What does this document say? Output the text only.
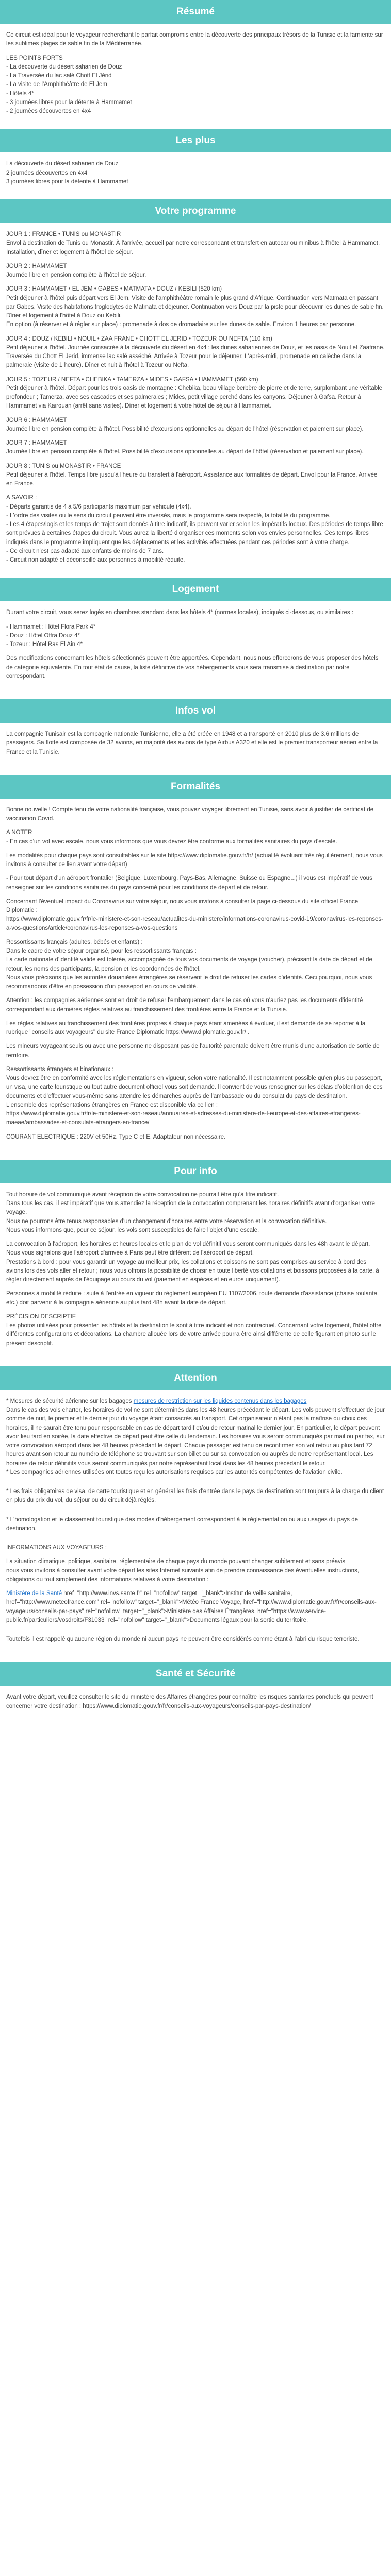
Résumé

Ce circuit est idéal pour le voyageur recherchant le parfait compromis entre la découverte des principaux trésors de la Tunisie et la farniente sur les sublimes plages de sable fin de la Méditerranée.

LES POINTS FORTS

- La découverte du désert saharien de Douz
- La Traversée du lac salé Chott El Jérid
- La visite de l'Amphithéâtre de El Jem
- Hôtels 4*
- 3 journées libres pour la détente à Hammamet
- 2 journées découvertes en 4x4
Les plus
La découverte du désert saharien de Douz
2 journées découvertes en 4x4
3 journées libres pour la détente à Hammamet
Votre programme

JOUR 1 : FRANCE • TUNIS ou MONASTIR

Envol à destination de Tunis ou Monastir. À l'arrivée, accueil par notre correspondant et transfert en autocar ou minibus à l'hôtel à Hammamet. Installation, dîner et logement à l'hôtel de séjour.

JOUR 2 : HAMMAMET

Journée libre en pension complète à l'hôtel de séjour.

JOUR 3 : HAMMAMET • EL JEM • GABES • MATMATA • DOUZ / KEBILI (520 km)

Petit déjeuner à l'hôtel puis départ vers El Jem. Visite de l'amphithéâtre romain le plus grand d'Afrique. Continuation vers Matmata en passant par Gabes. Visite des habitations troglodytes de Matmata et déjeuner. Continuation vers Douz par la piste pour découvrir les dunes de sable fin. Dîner et logement à l'hôtel à Douz ou Kebili.
En option (à réserver et à régler sur place) : promenade à dos de dromadaire sur les dunes de sable. Environ 1 heures par personne.

JOUR 4 : DOUZ / KEBILI • NOUIL • ZAA FRANE • CHOTT EL JERID • TOZEUR OU NEFTA (110 km)

Petit déjeuner à l'hôtel. Journée consacrée à la découverte du désert en 4x4 : les dunes sahariennes de Douz, et les oasis de Nouil et Zaafrane. Traversée du Chott El Jerid, immense lac salé asséché. Arrivée à Tozeur pour le déjeuner. L'après-midi, promenade en calèche dans la palmeraie (visite de 1 heure). Dîner et nuit à l'hôtel à Tozeur ou Nefta.

JOUR 5 : TOZEUR / NEFTA • CHEBIKA • TAMERZA • MIDES • GAFSA • HAMMAMET (560 km)

Petit déjeuner à l'hôtel. Départ pour les trois oasis de montagne : Chebika, beau village berbère de pierre et de terre, surplombant une véritable profondeur ; Tamerza, avec ses cascades et ses palmeraies ; Mides, petit village perché dans les canyons. Déjeuner à Gafsa. Retour à Hammamet via Kairouan (arrêt sans visites). Dîner et logement à votre hôtel de séjour à Hammamet.

JOUR 6 : HAMMAMET

Journée libre en pension complète à l'hôtel. Possibilité d'excursions optionnelles au départ de l'hôtel (réservation et paiement sur place).

JOUR 7 : HAMMAMET

Journée libre en pension complète à l'hôtel. Possibilité d'excursions optionnelles au départ de l'hôtel (réservation et paiement sur place).

JOUR 8 : TUNIS ou MONASTIR • FRANCE

Petit déjeuner à l'hôtel. Temps libre jusqu'à l'heure du transfert à l'aéroport. Assistance aux formalités de départ. Envol pour la France. Arrivée en France.

A SAVOIR :

- Départs garantis de 4 à 5/6 participants maximum par véhicule (4x4).
- L'ordre des visites ou le sens du circuit peuvent être inversés, mais le programme sera respecté, la totalité du programme.
- Les 4 étapes/logis et les temps de trajet sont donnés à titre indicatif, ils peuvent varier selon les impératifs locaux. Des périodes de temps libre sont prévues à certaines étapes du circuit. Vous aurez la liberté d'organiser ces moments selon vos envies personnelles. Ces temps libres indiqués dans le programme impliquent que les déplacements et les activités effectuées pendant ces périodes sont à votre charge.
- Ce circuit n'est pas adapté aux enfants de moins de 7 ans.
- Circuit non adapté et déconseillé aux personnes à mobilité réduite.
Logement

Durant votre circuit, vous serez logés en chambres standard dans les hôtels 4* (normes locales), indiqués ci-dessous, ou similaires :

- Hammamet : Hôtel Flora Park 4*
- Douz : Hôtel Offra Douz 4*
- Tozeur : Hôtel Ras El Ain 4*

Des modifications concernant les hôtels sélectionnés peuvent être apportées. Cependant, nous nous efforcerons de vous proposer des hôtels de catégorie équivalente. En tout état de cause, la liste définitive de vos hébergements vous sera transmise à destination par notre correspondant.

Infos vol

La compagnie Tunisair est la compagnie nationale Tunisienne, elle a été créée en 1948 et a transporté en 2010 plus de 3.6 millions de passagers. Sa flotte est composée de 32 avions, en majorité des avions de type Airbus A320 et elle est le premier transporteur aérien entre la France et la Tunisie.

Formalités

Bonne nouvelle ! Compte tenu de votre nationalité française, vous pouvez voyager librement en Tunisie, sans avoir à justifier de certificat de vaccination Covid.

A NOTER

- En cas d'un vol avec escale, nous vous informons que vous devrez être conforme aux formalités sanitaires du pays d'escale.

Les modalités pour chaque pays sont consultables sur le site https://www.diplomatie.gouv.fr/fr/ (actualité évoluant très régulièrement, nous vous invitons à consulter ce lien avant votre départ)

- Pour tout départ d'un aéroport frontalier (Belgique, Luxembourg, Pays-Bas, Allemagne, Suisse ou Espagne...) il vous est impératif de vous renseigner sur les conditions sanitaires du pays concerné pour les conditions de départ et de retour.

Concernant l'éventuel impact du Coronavirus sur votre séjour, nous vous invitons à consulter la page ci-dessous du site officiel France Diplomatie :
https://www.diplomatie.gouv.fr/fr/le-ministere-et-son-reseau/actualites-du-ministere/informations-coronavirus-covid-19/coronavirus-les-reponses-a-vos-questions/article/coronavirus-les-reponses-a-vos-questions

Ressortissants français (adultes, bébés et enfants) :

Dans le cadre de votre séjour organisé, pour les ressortissants français :
La carte nationale d'identité valide est tolérée, accompagnée de tous vos documents de voyage (voucher), précisant la date de départ et de retour, les noms des participants, la pension et les coordonnées de l'hôtel.
Nous vous précisons que les autorités douanières étrangères se réservent le droit de refuser les cartes d'identité. Ceci pourquoi, nous vous recommandons d'être en possession d'un passeport en cours de validité.

Attention : les compagnies aériennes sont en droit de refuser l'embarquement dans le cas où vous n'auriez pas les documents d'identité correspondant aux dernières règles relatives au franchissement des frontières entre la France et la Tunisie.

Les règles relatives au franchissement des frontières propres à chaque pays étant amenées à évoluer, il est demandé de se reporter à la rubrique "conseils aux voyageurs" du site France Diplomatie https://www.diplomatie.gouv.fr/ .

Les mineurs voyageant seuls ou avec une personne ne disposant pas de l'autorité parentale doivent être munis d'une autorisation de sortie de territoire.

Ressortissants étrangers et binationaux :

Vous devrez être en conformité avec les réglementations en vigueur, selon votre nationalité. Il est notamment possible qu'en plus du passeport, un visa, une carte touristique ou tout autre document officiel vous soit demandé. Il convient de vous renseigner sur les délais d'obtention de ces documents et d'effectuer vous-même sans attendre les démarches auprès de l'ambassade ou du consulat du pays de destination.
L'ensemble des représentations étrangères en France est disponible via ce lien :
https://www.diplomatie.gouv.fr/fr/le-ministere-et-son-reseau/annuaires-et-adresses-du-ministere-de-l-europe-et-des-affaires-etrangeres-maeae/ambassades-et-consulats-etrangers-en-france/

COURANT ELECTRIQUE : 220V et 50Hz. Type C et E. Adaptateur non nécessaire.

Pour info

Tout horaire de vol communiqué avant réception de votre convocation ne pourrait être qu'à titre indicatif.
Dans tous les cas, il est impératif que vous attendiez la réception de la convocation comprenant les horaires définitifs avant d'organiser votre voyage.
Nous ne pourrons être tenus responsables d'un changement d'horaires entre votre réservation et la convocation définitive.
Nous vous informons que, pour ce séjour, les vols sont susceptibles de faire l'objet d'une escale.

La convocation à l'aéroport, les horaires et heures locales et le plan de vol définitif vous seront communiqués dans les 48h avant le départ.
Nous vous signalons que l'aéroport d'arrivée à Paris peut être différent de l'aéroport de départ.
Prestations à bord : pour vous garantir un voyage au meilleur prix, les collations et boissons ne sont pas comprises au service à bord des avions lors des vols aller et retour ; nous vous offrons la possibilité de choisir en toute liberté vos collations et boissons proposées à la carte, à régler directement auprès de l'équipage au cours du vol (paiement en espèces et en euros uniquement).

Personnes à mobilité réduite : suite à l'entrée en vigueur du règlement européen EU 1107/2006, toute demande d'assistance (chaise roulante, etc.) doit parvenir à la compagnie aérienne au plus tard 48h avant la date de départ.

PRÉCISION DESCRIPTIF

Les photos utilisées pour présenter les hôtels et la destination le sont à titre indicatif et non contractuel. Concernant votre logement, l'hôtel offre différentes configurations et décorations. La chambre allouée lors de votre arrivée pourra être ainsi différente de celle figurant en photo sur le présent descriptif.

Attention

* Mesures de sécurité aérienne sur les bagages mesures de restriction sur les liquides contenus dans les bagages
Dans le cas des vols charter, les horaires de vol ne sont déterminés dans les 48 heures précédant le départ. Les vols peuvent s'effectuer de jour comme de nuit, le premier et le dernier jour du voyage étant consacrés au transport. Cet organisateur n'étant pas la maîtrise du choix des horaires, il ne saurait être tenu pour responsable en cas de départ tardif et/ou de retour matinal le dernier jour. En particulier, le départ peuvent avoir lieu tard en soirée, la date effective de départ peut être celle du lendemain. Les horaires vous seront communiqués par mail ou par fax, sur votre convocation aéroport dans les 48 heures précédant le départ. Chaque passager est tenu de reconfirmer son vol retour au plus tard 72 heures avant son retour au numéro de téléphone se trouvant sur son billet ou sur sa convocation ou auprès de notre représentant local. Les horaires de retour définitifs vous seront communiqués par notre représentant local dans les 48 heures précédant le retour.
* Les compagnies aériennes utilisées ont toutes reçu les autorisations requises par les autorités compétentes de l'aviation civile.

* Les frais obligatoires de visa, de carte touristique et en général les frais d'entrée dans le pays de destination sont toujours à la charge du client en plus du prix du vol, du séjour ou du circuit déjà réglés.

* L'homologation et le classement touristique des modes d'hébergement correspondent à la réglementation ou aux usages du pays de destination.

INFORMATIONS AUX VOYAGEURS :

La situation climatique, politique, sanitaire, réglementaire de chaque pays du monde pouvant changer subitement et sans préavis
nous vous invitons à consulter avant votre départ les sites Internet suivants afin de prendre connaissance des éventuelles instructions, obligations ou tout simplement des informations relatives à votre destination :

Ministère de la Santé href="http://www.invs.sante.fr" rel="nofollow" target="_blank">Institut de veille sanitaire, href="http://www.meteofrance.com" rel="nofollow" target="_blank">Météo France Voyage, href="http://www.diplomatie.gouv.fr/fr/conseils-aux-voyageurs/conseils-par-pays" rel="nofollow" target="_blank">Ministère des Affaires Étrangères, href="https://www.service-public.fr/particuliers/vosdroits/F31033" rel="nofollow" target="_blank">Documents légaux pour la sortie du territoire.

Toutefois il est rappelé qu'aucune région du monde ni aucun pays ne peuvent être considérés comme étant à l'abri du risque terroriste.

Santé et Sécurité

Avant votre départ, veuillez consulter le site du ministère des Affaires étrangères pour connaître les risques sanitaires ponctuels qui peuvent concerner votre destination : https://www.diplomatie.gouv.fr/fr/conseils-aux-voyageurs/conseils-par-pays-destination/
